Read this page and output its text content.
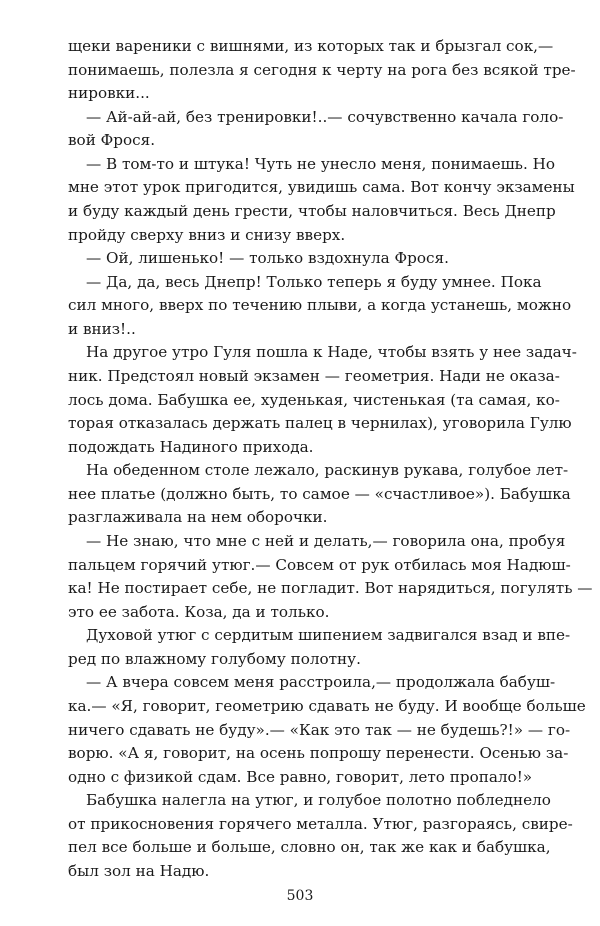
щеки вареники с вишнями, из которых так и брызгал сок,—
понимаешь, полезла я сегодня к черту на рога без всякой тре-
нировки...
— Ай-ай-ай, без тренировки!..— сочувственно качала голо-
вой Фрося.
— В том-то и штука! Чуть не унесло меня, понимаешь. Но
мне этот урок пригодится, увидишь сама. Вот кончу экзамены
и буду каждый день грести, чтобы наловчиться. Весь Днепр
пройду сверху вниз и снизу вверх.
— Ой, лишенько! — только вздохнула Фрося.
— Да, да, весь Днепр! Только теперь я буду умнее. Пока
сил много, вверх по течению плыви, а когда устанешь, можно
и вниз!..
На другое утро Гуля пошла к Наде, чтобы взять у нее задач-
ник. Предстоял новый экзамен — геометрия. Нади не оказа-
лось дома. Бабушка ее, худенькая, чистенькая (та самая, ко-
торая отказалась держать палец в чернилах), уговорила Гулю
подождать Надиного прихода.
На обеденном столе лежало, раскинув рукава, голубое лет-
нее платье (должно быть, то самое — «счастливое»). Бабушка
разглаживала на нем оборочки.
— Не знаю, что мне с ней и делать,— говорила она, пробуя
пальцем горячий утюг.— Совсем от рук отбилась моя Надюш-
ка! Не постирает себе, не погладит. Вот нарядиться, погулять —
это ее забота. Коза, да и только.
Духовой утюг с сердитым шипением задвигался взад и впе-
ред по влажному голубому полотну.
— А вчера совсем меня расстроила,— продолжала бабуш-
ка.— «Я, говорит, геометрию сдавать не буду. И вообще больше
ничего сдавать не буду».— «Как это так — не будешь?!» — го-
ворю. «А я, говорит, на осень попрошу перенести. Осенью за-
одно с физикой сдам. Все равно, говорит, лето пропало!»
Бабушка налегла на утюг, и голубое полотно побледнело
от прикосновения горячего металла. Утюг, разгораясь, свире-
пел все больше и больше, словно он, так же как и бабушка,
был зол на Надю.
503
